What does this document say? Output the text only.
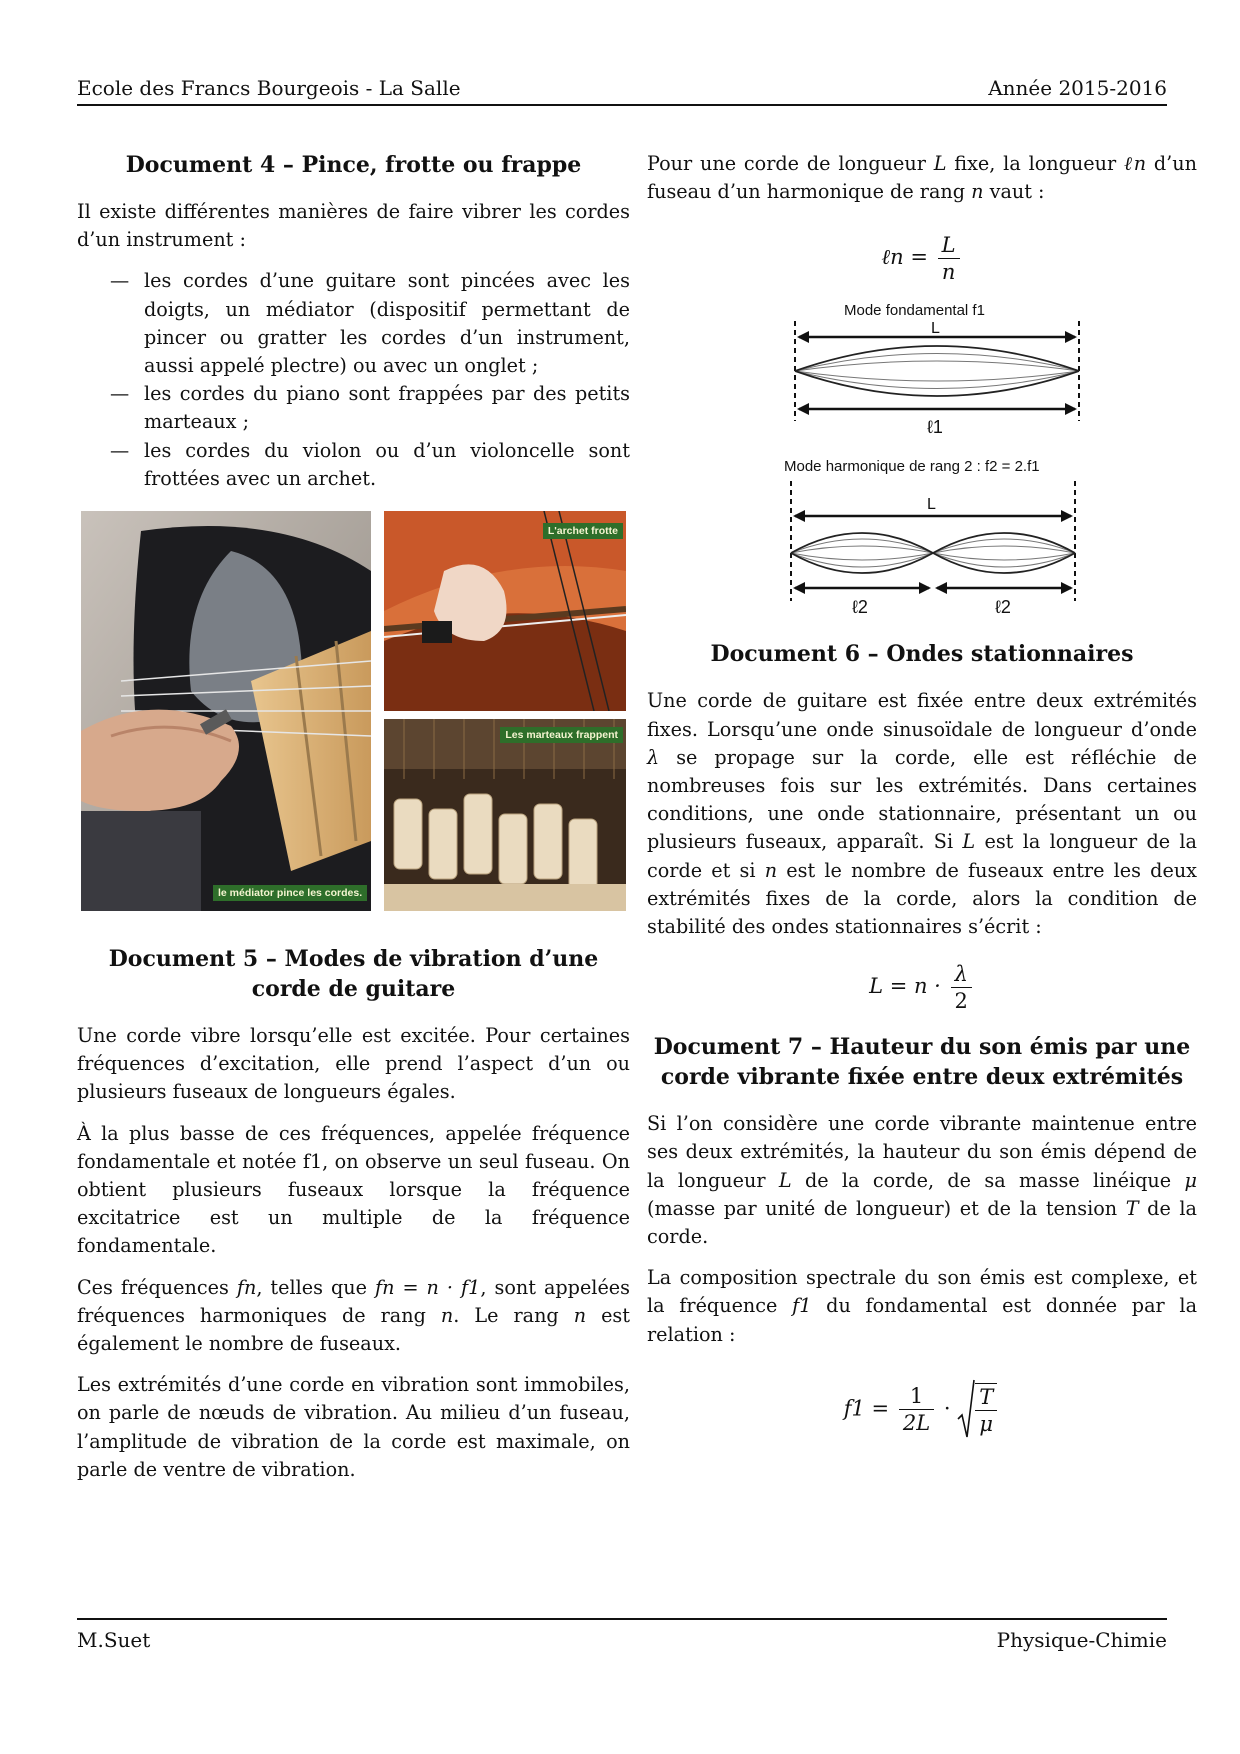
Ecole des Francs Bourgeois - La Salle	Année 2015-2016
Document 4 – Pince, frotte ou frappe

Il existe différentes manières de faire vibrer les cordes d’un instrument :

— les cordes d’une guitare sont pincées avec les doigts, un médiator (dispositif permettant de pincer ou gratter les cordes d’un instrument, aussi appelé plectre) ou avec un onglet ;
— les cordes du piano sont frappées par des petits marteaux ;
— les cordes du violon ou d’un violoncelle sont frottées avec un archet.
le médiator pince les cordes.
L'archet frotte
Les marteaux frappent
Document 5 – Modes de vibration d’une corde de guitare

Une corde vibre lorsqu’elle est excitée. Pour certaines fréquences d’excitation, elle prend l’aspect d’un ou plusieurs fuseaux de longueurs égales.

À la plus basse de ces fréquences, appelée fréquence fondamentale et notée f1, on observe un seul fuseau. On obtient plusieurs fuseaux lorsque la fréquence excitatrice est un multiple de la fréquence fondamentale.

Ces fréquences fn, telles que fn = n · f1, sont appelées fréquences harmoniques de rang n. Le rang n est également le nombre de fuseaux.

Les extrémités d’une corde en vibration sont immobiles, on parle de nœuds de vibration. Au milieu d’un fuseau, l’amplitude de vibration de la corde est maximale, on parle de ventre de vibration.

Pour une corde de longueur L fixe, la longueur ℓn d’un fuseau d’un harmonique de rang n vaut :

ℓn = $\frac{L}{n}$
Mode fondamental f1
L
ℓ1
Mode harmonique de rang 2 : f2 = 2.f1
L
ℓ2	ℓ2
Document 6 – Ondes stationnaires

Une corde de guitare est fixée entre deux extrémités fixes. Lorsqu’une onde sinusoïdale de longueur d’onde λ se propage sur la corde, elle est réfléchie de nombreuses fois sur les extrémités. Dans certaines conditions, une onde stationnaire, présentant un ou plusieurs fuseaux, apparaît. Si L est la longueur de la corde et si n est le nombre de fuseaux entre les deux extrémités fixes de la corde, alors la condition de stabilité des ondes stationnaires s’écrit :

$L = n \cdot \frac{\lambda}{2}$
Document 7 – Hauteur du son émis par une corde vibrante fixée entre deux extrémités

Si l’on considère une corde vibrante maintenue entre ses deux extrémités, la hauteur du son émis dépend de la longueur L de la corde, de sa masse linéique μ (masse par unité de longueur) et de la tension T de la corde.

La composition spectrale du son émis est complexe, et la fréquence f1 du fondamental est donnée par la relation :

$f1 = \frac{1}{2L} \cdot \frac{T}{\mu}$
M.Suet	Physique-Chimie
